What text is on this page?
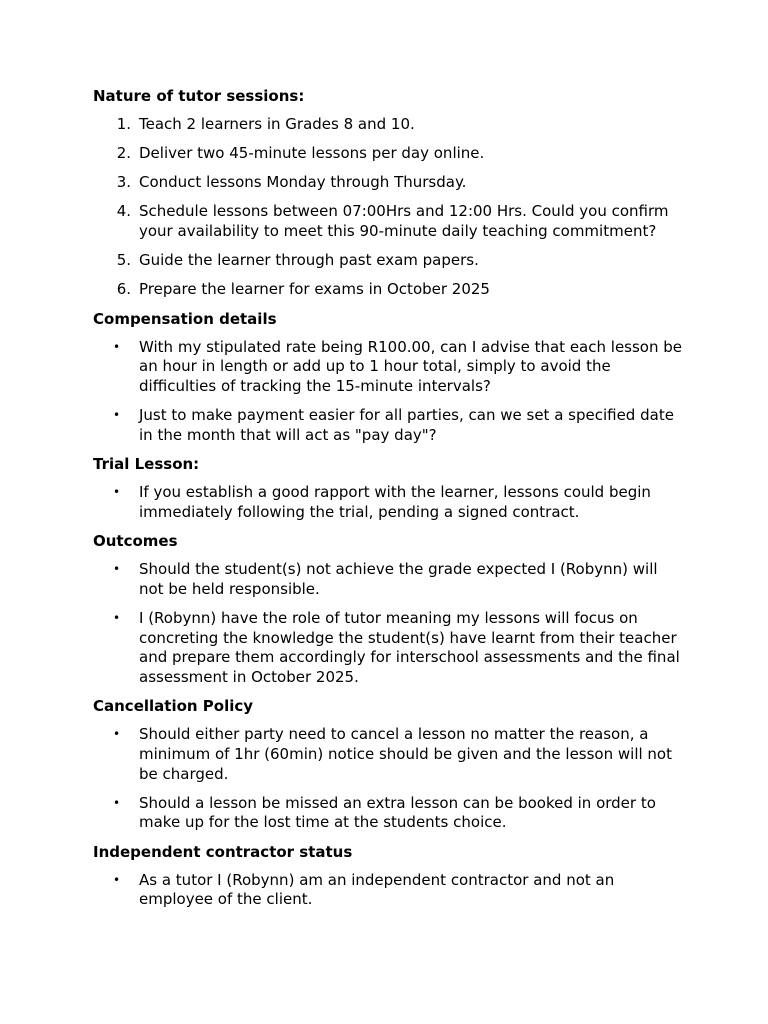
Nature of tutor sessions:
1. Teach 2 learners in Grades 8 and 10.
2. Deliver two 45-minute lessons per day online.
3. Conduct lessons Monday through Thursday.
4. Schedule lessons between 07:00Hrs and 12:00 Hrs. Could you confirm your availability to meet this 90-minute daily teaching commitment?
5. Guide the learner through past exam papers.
6. Prepare the learner for exams in October 2025
Compensation details
• With my stipulated rate being R100.00, can I advise that each lesson be an hour in length or add up to 1 hour total, simply to avoid the difficulties of tracking the 15-minute intervals?
• Just to make payment easier for all parties, can we set a specified date in the month that will act as "pay day"?
Trial Lesson:
• If you establish a good rapport with the learner, lessons could begin immediately following the trial, pending a signed contract.
Outcomes
• Should the student(s) not achieve the grade expected I (Robynn) will not be held responsible.
• I (Robynn) have the role of tutor meaning my lessons will focus on concreting the knowledge the student(s) have learnt from their teacher and prepare them accordingly for interschool assessments and the final assessment in October 2025.
Cancellation Policy
• Should either party need to cancel a lesson no matter the reason, a minimum of 1hr (60min) notice should be given and the lesson will not be charged.
• Should a lesson be missed an extra lesson can be booked in order to make up for the lost time at the students choice.
Independent contractor status
• As a tutor I (Robynn) am an independent contractor and not an employee of the client.
